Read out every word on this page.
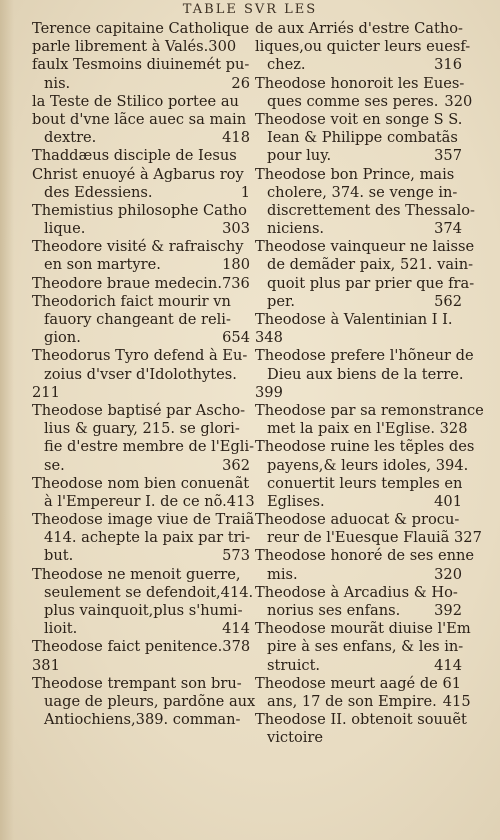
TABLE SVR LES
Terence capitaine Catholique
parle librement à Valés.300
faulx Tesmoins diuinemét pu-
nis.	26
la Teste de Stilico portee au
bout d'vne lãce auec sa main
dextre.	418
Thaddæus disciple de Iesus
Christ enuoyé à Agbarus roy
des Edessiens.	1
Themistius philosophe Catho
lique.	303
Theodore visité & rafraischy
en son martyre.	180
Theodore braue medecin.736
Theodorich faict mourir vn
fauory changeant de reli-
gion.	654
Theodorus Tyro defend à Eu-
zoius d'vser d'Idolothytes.
211
Theodose baptisé par Ascho-
lius & guary, 215. se glori-
fie d'estre membre de l'Egli-
se.	362
Theodose nom bien conuenãt
à l'Empereur I. de ce nõ.413
Theodose image viue de Traiã
414. achepte la paix par tri-
but.	573
Theodose ne menoit guerre,
seulement se defendoit,414.
plus vainquoit,plus s'humi-
lioit.	414
Theodose faict penitence.378
381
Theodose trempant son bru-
uage de pleurs, pardõne aux
Antiochiens,389. comman-
de aux Arriés d'estre Catho-
liques,ou quicter leurs euesf-
chez.	316
Theodose honoroit les Eues-
ques comme ses peres. 320
Theodose voit en songe S S.
Iean & Philippe combatãs
pour luy.	357
Theodose bon Prince, mais
cholere, 374. se venge in-
discrettement des Thessalo-
niciens.	374
Theodose vainqueur ne laisse
de demãder paix, 521. vain-
quoit plus par prier que fra-
per.	562
Theodose à Valentinian I I.
348
Theodose prefere l'hõneur de
Dieu aux biens de la terre.
399
Theodose par sa remonstrance
met la paix en l'Eglise. 328
Theodose ruine les tẽples des
payens,& leurs idoles, 394.
conuertit leurs temples en
Eglises.	401
Theodose aduocat & procu-
reur de l'Euesque Flauiã 327
Theodose honoré de ses enne
mis.	320
Theodose à Arcadius & Ho-
norius ses enfans.	392
Theodose mourãt diuise l'Em
pire à ses enfans, & les in-
struict.	414
Theodose meurt aagé de 61
ans, 17 de son Empire. 415
Theodose II. obtenoit souuẽt
victoire
